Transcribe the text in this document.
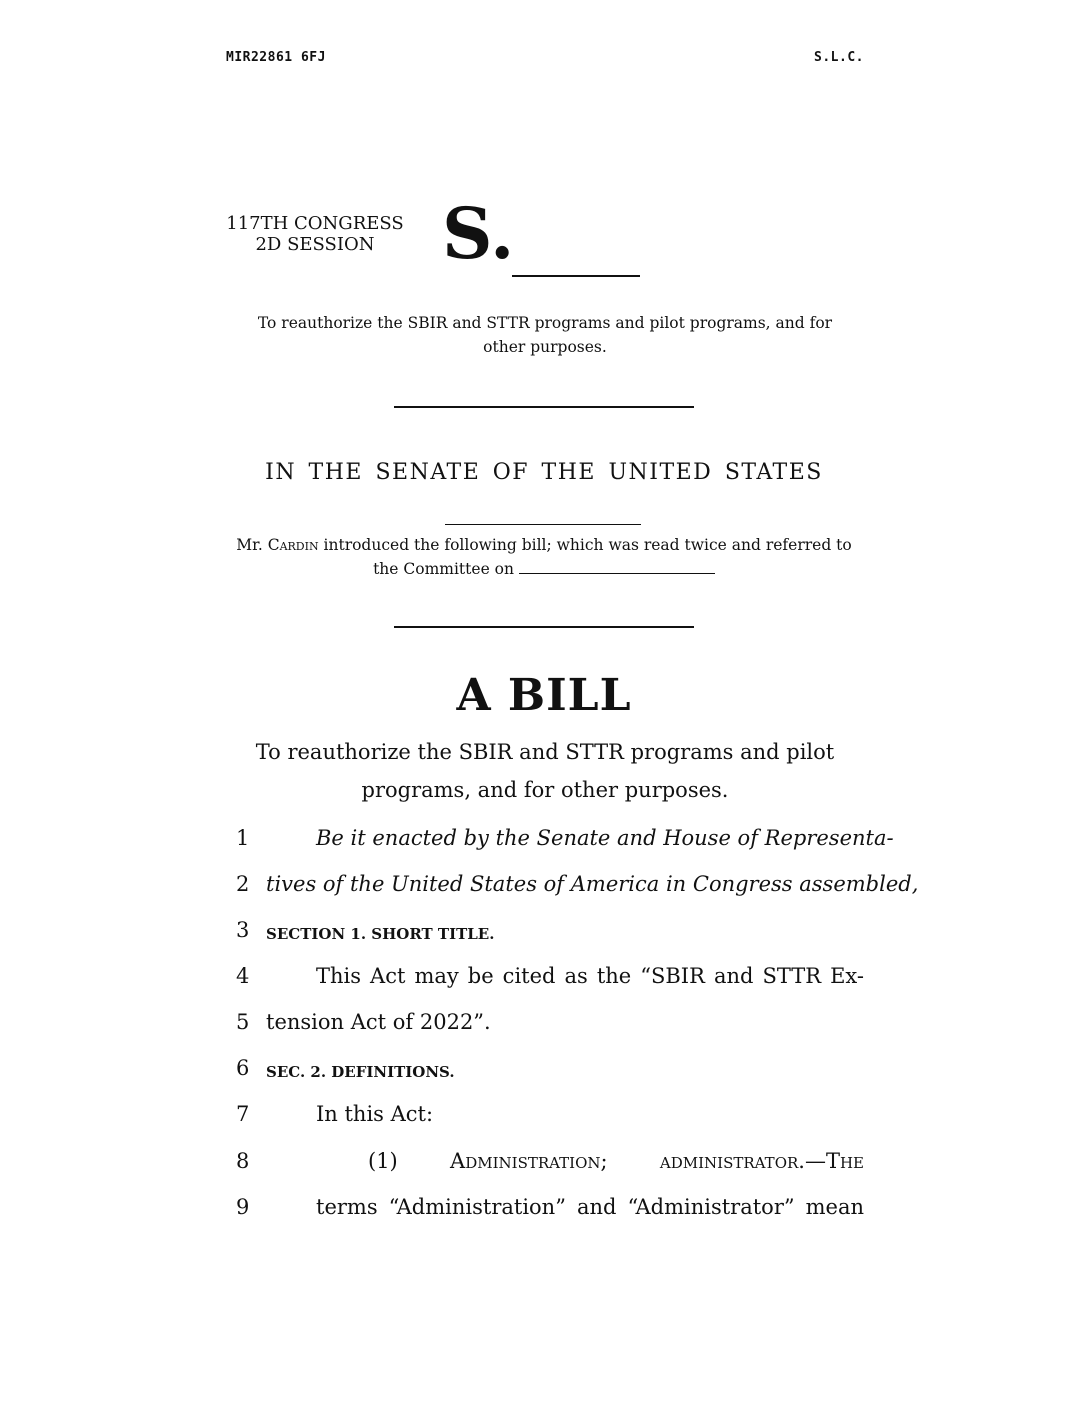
MIR22861 6FJ	S.L.C.
117TH CONGRESS
2D SESSION S.
To reauthorize the SBIR and STTR programs and pilot programs, and for other purposes.
IN THE SENATE OF THE UNITED STATES
Mr. Cardin introduced the following bill; which was read twice and referred to the Committee on
A BILL
To reauthorize the SBIR and STTR programs and pilot programs, and for other purposes.
1	Be it enacted by the Senate and House of Representa-
2 tives of the United States of America in Congress assembled,
3	SECTION 1. SHORT TITLE.
4	This Act may be cited as the “SBIR and STTR Ex-
5 tension Act of 2022”.
6	SEC. 2. DEFINITIONS.
7	In this Act:
8	(1) Administration; administrator.—The
9	terms “Administration” and “Administrator” mean
